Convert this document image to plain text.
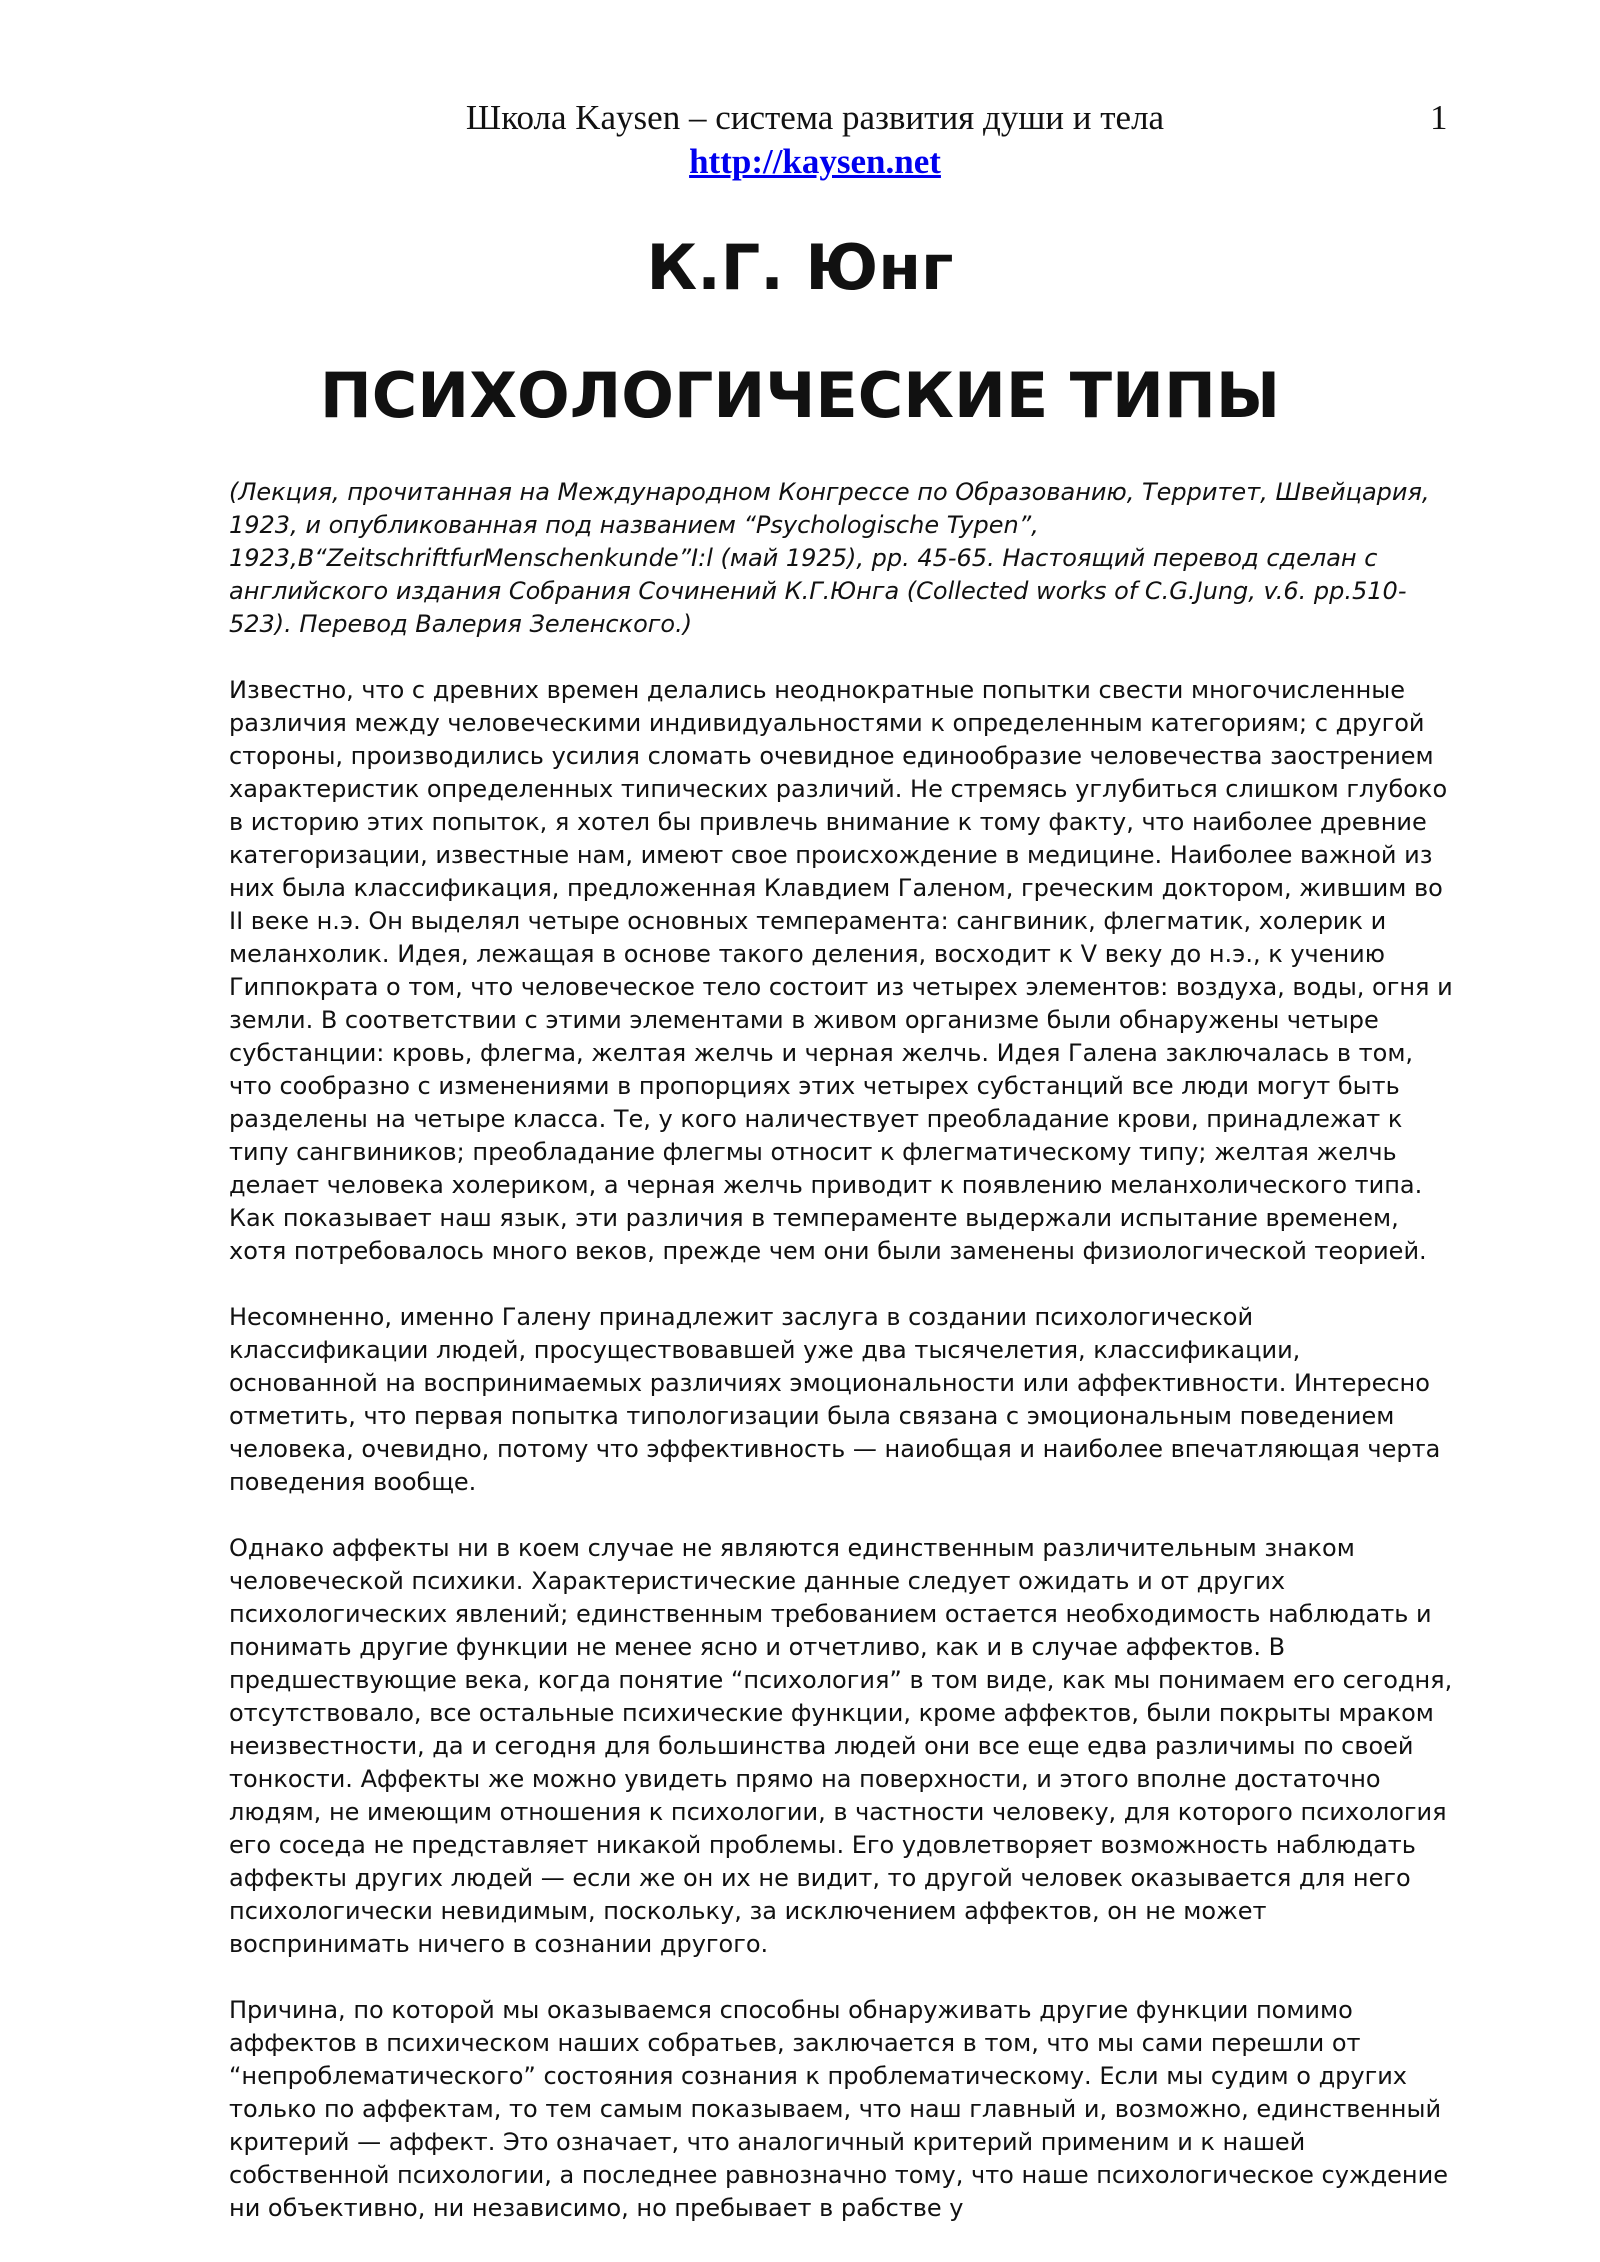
Школа Kaysen – система развития души и тела
http://kaysen.net
1
К.Г. Юнг
ПСИХОЛОГИЧЕСКИЕ ТИПЫ

(Лекция, прочитанная на Международном Конгрессе по Образованию, Территет, Швейцария, 1923, и опубликованная под названием “Psychologische Typen”, 1923,B“ZeitschriftfurMenschenkunde”I:l (май 1925), pp. 45-65. Настоящий перевод сделан с английского издания Собрания Сочинений К.Г.Юнга (Collected works of C.G.Jung, v.6. pp.510-523). Перевод Валерия Зеленского.)

Известно, что с древних времен делались неоднократные попытки свести многочисленные различия между человеческими индивидуальностями к определенным категориям; с другой стороны, производились усилия сломать очевидное единообразие человечества заострением характеристик определенных типических различий. Не стремясь углубиться слишком глубоко в историю этих попыток, я хотел бы привлечь внимание к тому факту, что наиболее древние категоризации, известные нам, имеют свое происхождение в медицине. Наиболее важной из них была классификация, предложенная Клавдием Галеном, греческим доктором, жившим во II веке н.э. Он выделял четыре основных темперамента: сангвиник, флегматик, холерик и меланхолик. Идея, лежащая в основе такого деления, восходит к V веку до н.э., к учению Гиппократа о том, что человеческое тело состоит из четырех элементов: воздуха, воды, огня и земли. В соответствии с этими элементами в живом организме были обнаружены четыре субстанции: кровь, флегма, желтая желчь и черная желчь. Идея Галена заключалась в том, что сообразно с изменениями в пропорциях этих четырех субстанций все люди могут быть разделены на четыре класса. Те, у кого наличествует преобладание крови, принадлежат к типу сангвиников; преобладание флегмы относит к флегматическому типу; желтая желчь делает человека холериком, а черная желчь приводит к появлению меланхолического типа. Как показывает наш язык, эти различия в темпераменте выдержали испытание временем, хотя потребовалось много веков, прежде чем они были заменены физиологической теорией.

Несомненно, именно Галену принадлежит заслуга в создании психологической классификации людей, просуществовавшей уже два тысячелетия, классификации, основанной на воспринимаемых различиях эмоциональности или аффективности. Интересно отметить, что первая попытка типологизации была связана с эмоциональным поведением человека, очевидно, потому что эффективность — наиобщая и наиболее впечатляющая черта поведения вообще.

Однако аффекты ни в коем случае не являются единственным различительным знаком человеческой психики. Характеристические данные следует ожидать и от других психологических явлений; единственным требованием остается необходимость наблюдать и понимать другие функции не менее ясно и отчетливо, как и в случае аффектов. В предшествующие века, когда понятие “психология” в том виде, как мы понимаем его сегодня, отсутствовало, все остальные психические функции, кроме аффектов, были покрыты мраком неизвестности, да и сегодня для большинства людей они все еще едва различимы по своей тонкости. Аффекты же можно увидеть прямо на поверхности, и этого вполне достаточно людям, не имеющим отношения к психологии, в частности человеку, для которого психология его соседа не представляет никакой проблемы. Его удовлетворяет возможность наблюдать аффекты других людей — если же он их не видит, то другой человек оказывается для него психологически невидимым, поскольку, за исключением аффектов, он не может воспринимать ничего в сознании другого.

Причина, по которой мы оказываемся способны обнаруживать другие функции помимо аффектов в психическом наших собратьев, заключается в том, что мы сами перешли от “непроблематического” состояния сознания к проблематическому. Если мы судим о других только по аффектам, то тем самым показываем, что наш главный и, возможно, единственный критерий — аффект. Это означает, что аналогичный критерий применим и к нашей собственной психологии, а последнее равнозначно тому, что наше психологическое суждение ни объективно, ни независимо, но пребывает в рабстве у
